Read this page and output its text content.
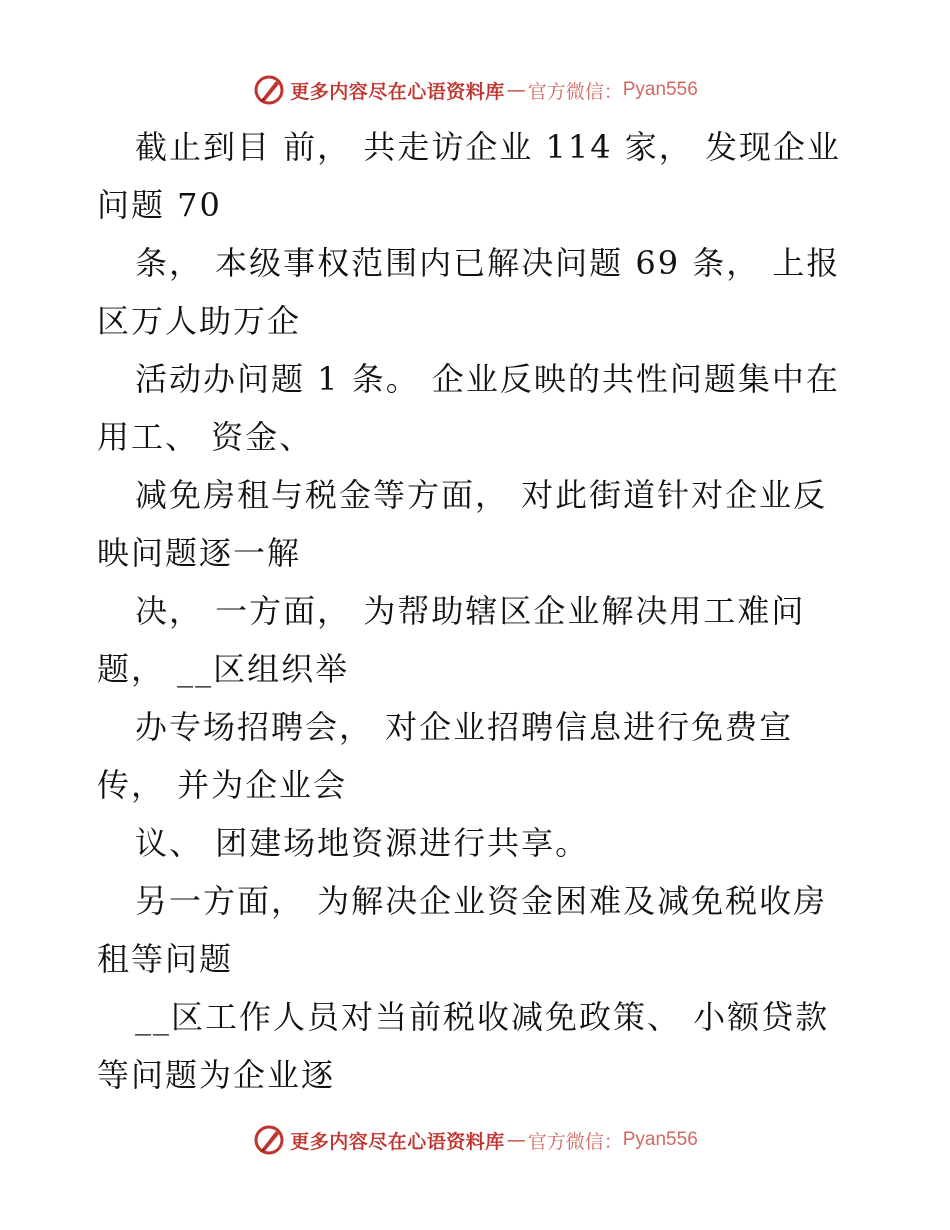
更多内容尽在心语资料库 — 官方微信： Pyan556
截止到目 前， 共走访企业 114 家， 发现企业
问题 70
条， 本级事权范围内已解决问题 69 条， 上报
区万人助万企
活动办问题 1 条。 企业反映的共性问题集中在
用工、 资金、
减免房租与税金等方面， 对此街道针对企业反
映问题逐一解
决， 一方面， 为帮助辖区企业解决用工难问
题， __区组织举
办专场招聘会， 对企业招聘信息进行免费宣
传， 并为企业会
议、 团建场地资源进行共享。
另一方面， 为解决企业资金困难及减免税收房
租等问题
__区工作人员对当前税收减免政策、 小额贷款
等问题为企业逐
更多内容尽在心语资料库 — 官方微信： Pyan556
